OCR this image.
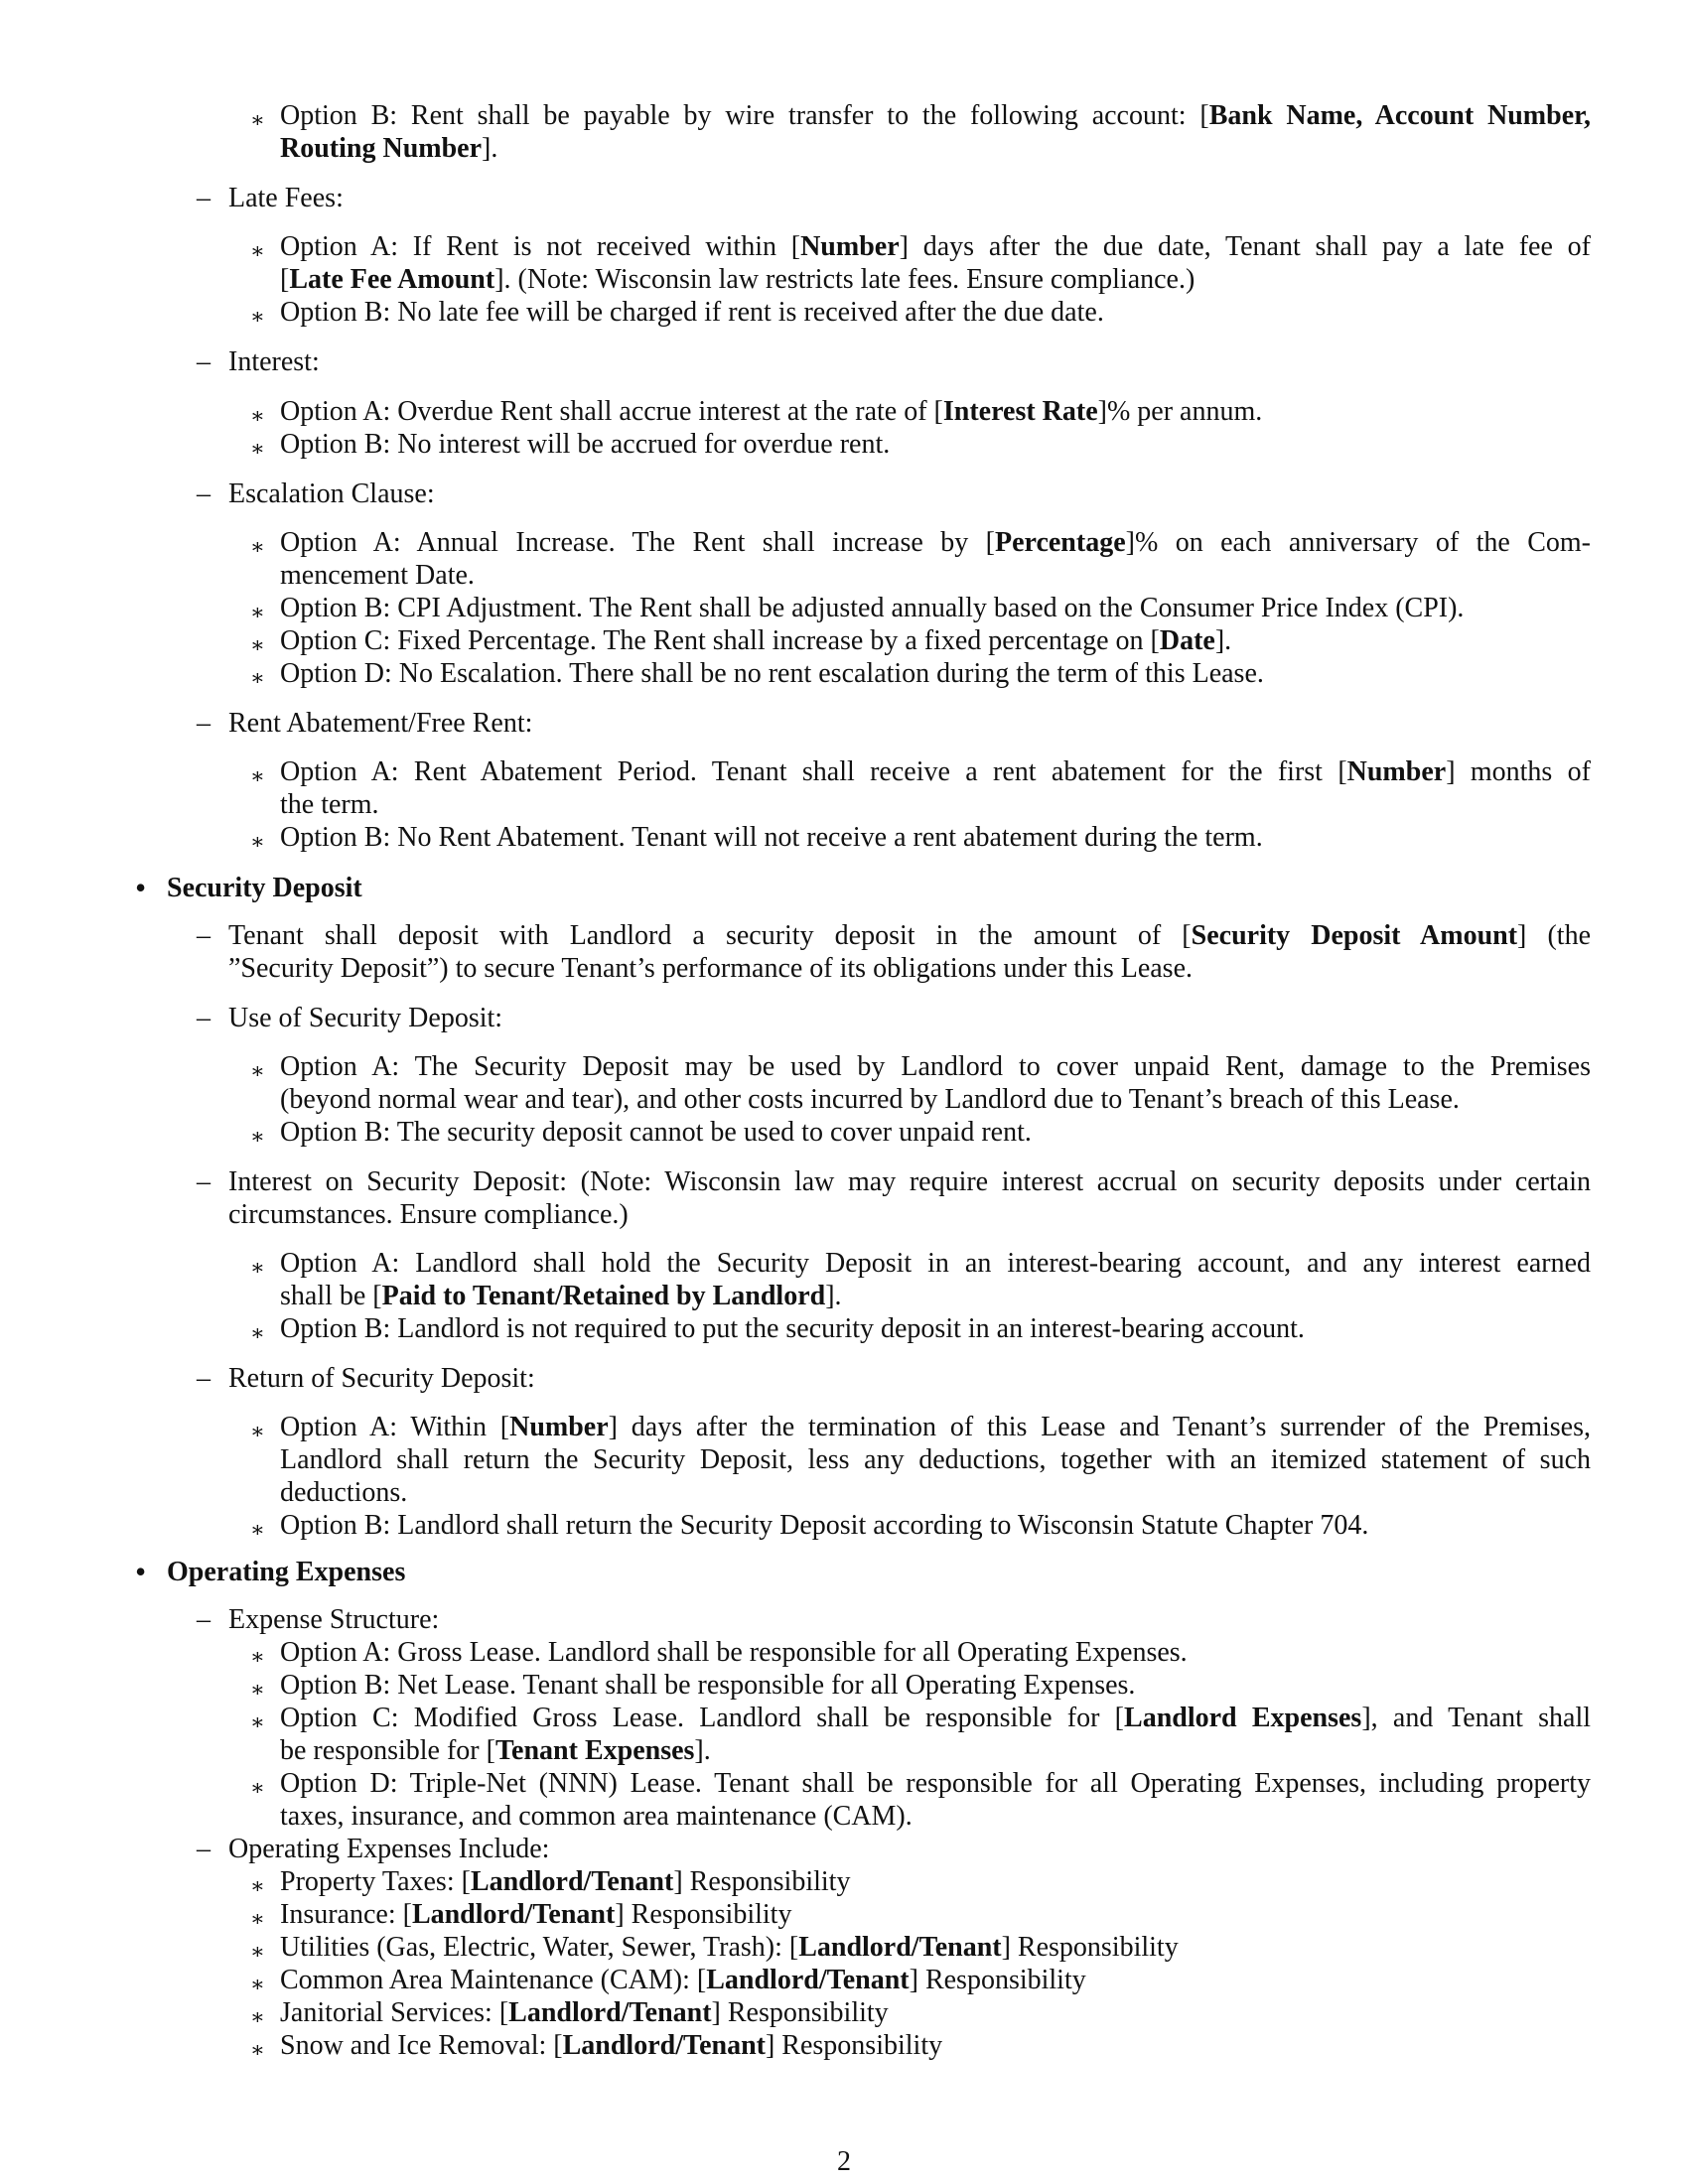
∗ Option B: Rent shall be payable by wire transfer to the following account: [Bank Name, Account Number,
Routing Number].
– Late Fees:
∗ Option A: If Rent is not received within [Number] days after the due date, Tenant shall pay a late fee of
[Late Fee Amount]. (Note: Wisconsin law restricts late fees. Ensure compliance.)
∗ Option B: No late fee will be charged if rent is received after the due date.
– Interest:
∗ Option A: Overdue Rent shall accrue interest at the rate of [Interest Rate]% per annum.
∗ Option B: No interest will be accrued for overdue rent.
– Escalation Clause:
∗ Option A: Annual Increase. The Rent shall increase by [Percentage]% on each anniversary of the Com-
mencement Date.
∗ Option B: CPI Adjustment. The Rent shall be adjusted annually based on the Consumer Price Index (CPI).
∗ Option C: Fixed Percentage. The Rent shall increase by a fixed percentage on [Date].
∗ Option D: No Escalation. There shall be no rent escalation during the term of this Lease.
– Rent Abatement/Free Rent:
∗ Option A: Rent Abatement Period. Tenant shall receive a rent abatement for the first [Number] months of
the term.
∗ Option B: No Rent Abatement. Tenant will not receive a rent abatement during the term.
• Security Deposit
– Tenant shall deposit with Landlord a security deposit in the amount of [Security Deposit Amount] (the
”Security Deposit”) to secure Tenant’s performance of its obligations under this Lease.
– Use of Security Deposit:
∗ Option A: The Security Deposit may be used by Landlord to cover unpaid Rent, damage to the Premises
(beyond normal wear and tear), and other costs incurred by Landlord due to Tenant’s breach of this Lease.
∗ Option B: The security deposit cannot be used to cover unpaid rent.
– Interest on Security Deposit: (Note: Wisconsin law may require interest accrual on security deposits under certain
circumstances. Ensure compliance.)
∗ Option A: Landlord shall hold the Security Deposit in an interest-bearing account, and any interest earned
shall be [Paid to Tenant/Retained by Landlord].
∗ Option B: Landlord is not required to put the security deposit in an interest-bearing account.
– Return of Security Deposit:
∗ Option A: Within [Number] days after the termination of this Lease and Tenant’s surrender of the Premises,
Landlord shall return the Security Deposit, less any deductions, together with an itemized statement of such
deductions.
∗ Option B: Landlord shall return the Security Deposit according to Wisconsin Statute Chapter 704.
• Operating Expenses
– Expense Structure:
∗ Option A: Gross Lease. Landlord shall be responsible for all Operating Expenses.
∗ Option B: Net Lease. Tenant shall be responsible for all Operating Expenses.
∗ Option C: Modified Gross Lease. Landlord shall be responsible for [Landlord Expenses], and Tenant shall
be responsible for [Tenant Expenses].
∗ Option D: Triple-Net (NNN) Lease. Tenant shall be responsible for all Operating Expenses, including property
taxes, insurance, and common area maintenance (CAM).
– Operating Expenses Include:
∗ Property Taxes: [Landlord/Tenant] Responsibility
∗ Insurance: [Landlord/Tenant] Responsibility
∗ Utilities (Gas, Electric, Water, Sewer, Trash): [Landlord/Tenant] Responsibility
∗ Common Area Maintenance (CAM): [Landlord/Tenant] Responsibility
∗ Janitorial Services: [Landlord/Tenant] Responsibility
∗ Snow and Ice Removal: [Landlord/Tenant] Responsibility
2
